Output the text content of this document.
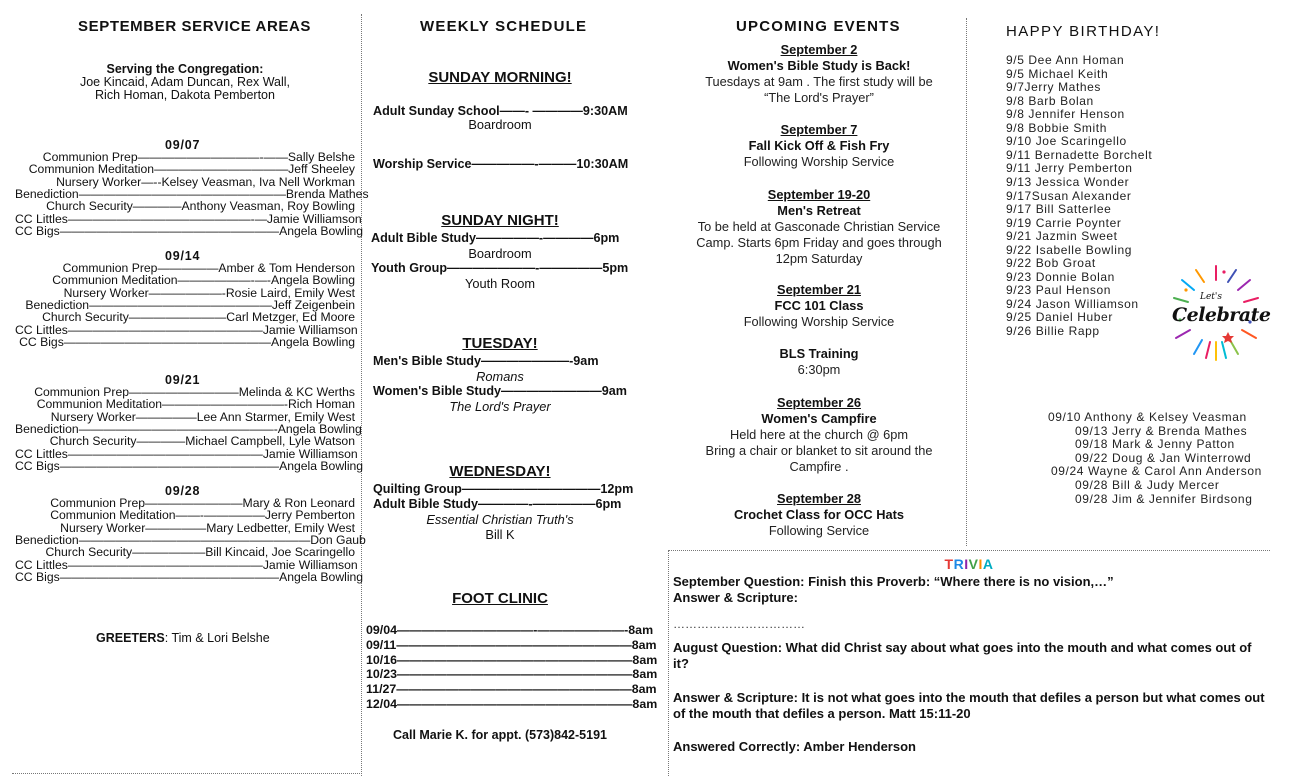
SEPTEMBER SERVICE AREAS
Serving the Congregation:
Joe Kincaid, Adam Duncan, Rex Wall,
Rich Homan, Dakota Pemberton
09/07
Communion Prep——————————-——Sally Belshe
Communion Meditation———————————Jeff Sheeley
Nursery Worker—--Kelsey Veasman, Iva Nell Workman
Benediction—————————————————Brenda Mathes
Church Security————Anthony Veasman, Roy Bowling
CC Littles———————————————-—Jamie Williamson
CC Bigs——————————————————Angela Bowling
09/14
Communion Prep—————Amber & Tom Henderson
Communion Meditation——————-—-Angela Bowling
Nursery Worker——————-Rosie Laird, Emily West
Benediction———————————————Jeff Zeigenbein
Church Security————————Carl Metzger, Ed Moore
CC Littles————————————————Jamie Williamson
CC Bigs—————————————————Angela Bowling
09/21
Communion Prep—————————Melinda & KC Werths
Communion Meditation——————————-Rich Homan
Nursery Worker—————Lee Ann Starmer, Emily West
Benediction————————————————-Angela Bowling
Church Security————Michael Campbell, Lyle Watson
CC Littles————————————————Jamie Williamson
CC Bigs——————————————————Angela Bowling
09/28
Communion Prep————————Mary & Ron Leonard
Communion Meditation——-—————Jerry Pemberton
Nursery Worker—————Mary Ledbetter, Emily West
Benediction———————————————————Don Gaub
Church Security——————Bill Kincaid, Joe Scaringello
CC Littles————————————————Jamie Williamson
CC Bigs——————————————————Angela Bowling
GREETERS: Tim & Lori Belshe
WEEKLY SCHEDULE
SUNDAY MORNING!
Adult Sunday School——- ————9:30AM
Boardroom
Worship Service—————-———10:30AM
SUNDAY NIGHT!
Adult Bible Study—————-————6pm
Boardroom
Youth Group———————-—————5pm
Youth Room
TUESDAY!
Men's Bible Study———————-9am
Romans
Women's Bible Study————————9am
The Lord's Prayer
WEDNESDAY!
Quilting Group———————————12pm
Adult Bible Study————-—————6pm
Essential Christian Truth's
Bill K
FOOT CLINIC
09/04———————————-———————-8am
09/11———————————————————8am
10/16———————————————————8am
10/23———————————————————8am
11/27———————————————————8am
12/04———————————————————8am
Call Marie K. for appt. (573)842-5191
UPCOMING EVENTS
September 2
Women's Bible Study is Back!
Tuesdays at 9am . The first study will be
“The Lord's Prayer”
September 7
Fall Kick Off & Fish Fry
Following Worship Service
September 19-20
Men's Retreat
To be held at Gasconade Christian Service
Camp. Starts 6pm Friday and goes through
12pm Saturday
September 21
FCC 101 Class
Following Worship Service
BLS Training
6:30pm
September 26
Women's Campfire
Held here at the church @ 6pm
Bring a chair or blanket to sit around the
Campfire .
September 28
Crochet Class for OCC Hats
Following Service
HAPPY BIRTHDAY!
9/5 Dee Ann Homan
9/5 Michael Keith
9/7Jerry Mathes
9/8 Barb Bolan
9/8 Jennifer Henson
9/8 Bobbie Smith
9/10 Joe Scaringello
9/11 Bernadette Borchelt
9/11 Jerry Pemberton
9/13 Jessica Wonder
9/17Susan Alexander
9/17 Bill Satterlee
9/19 Carrie Poynter
9/21 Jazmin Sweet
9/22 Isabelle Bowling
9/22 Bob Groat
9/23 Donnie Bolan
9/23 Paul Henson
9/24 Jason Williamson
9/25 Daniel Huber
9/26 Billie Rapp
09/10 Anthony & Kelsey Veasman
09/13 Jerry & Brenda Mathes
09/18 Mark & Jenny Patton
09/22 Doug & Jan Winterrowd
09/24 Wayne & Carol Ann Anderson
09/28 Bill & Judy Mercer
09/28 Jim & Jennifer Birdsong
Let's
Celebrate
TRIVIA
September Question: Finish this Proverb: “Where there is no vision,…”
Answer & Scripture:
……………………………
August Question: What did Christ say about what goes into the mouth and what comes out of it?
Answer & Scripture: It is not what goes into the mouth that defiles a person but what comes out of the mouth that defiles a person. Matt 15:11-20
Answered Correctly: Amber Henderson
